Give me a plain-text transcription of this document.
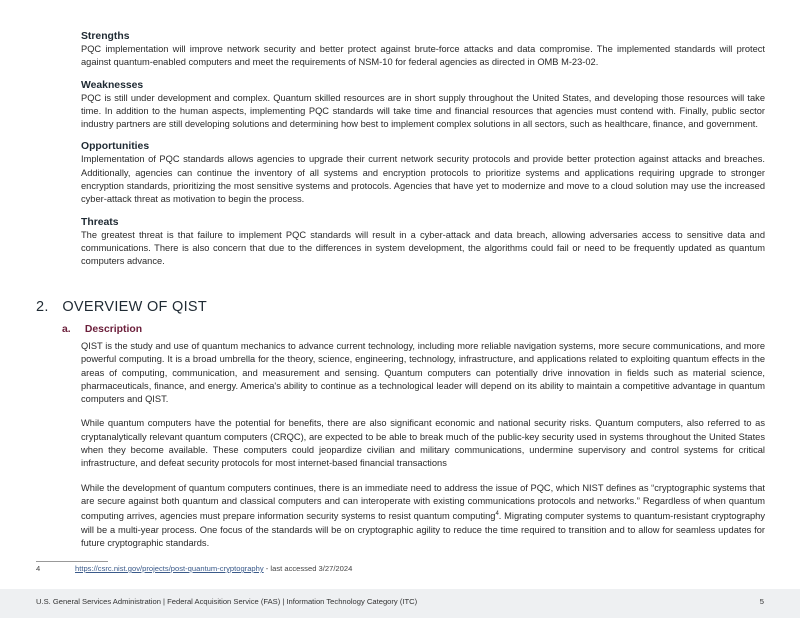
Strengths

PQC implementation will improve network security and better protect against brute-force attacks and data compromise. The implemented standards will protect against quantum-enabled computers and meet the requirements of NSM-10 for federal agencies as directed in OMB M-23-02.

Weaknesses

PQC is still under development and complex. Quantum skilled resources are in short supply throughout the United States, and developing those resources will take time. In addition to the human aspects, implementing PQC standards will take time and financial resources that agencies must contend with. Finally, public sector industry partners are still developing solutions and determining how best to implement complex solutions in all sectors, such as healthcare, finance, and government.

Opportunities

Implementation of PQC standards allows agencies to upgrade their current network security protocols and provide better protection against attacks and breaches. Additionally, agencies can continue the inventory of all systems and encryption protocols to prioritize systems and applications requiring upgrade to stronger encryption standards, prioritizing the most sensitive systems and protocols. Agencies that have yet to modernize and move to a cloud solution may use the increased cyber-attack threat as motivation to begin the process.

Threats

The greatest threat is that failure to implement PQC standards will result in a cyber-attack and data breach, allowing adversaries access to sensitive data and communications. There is also concern that due to the differences in system development, the algorithms could fail or need to be frequently updated as quantum computers advance.

2. OVERVIEW OF QIST
a. Description

QIST is the study and use of quantum mechanics to advance current technology, including more reliable navigation systems, more secure communications, and more powerful computing. It is a broad umbrella for the theory, science, engineering, technology, infrastructure, and applications related to exploiting quantum effects in the areas of computing, communication, and measurement and sensing. Quantum computers can potentially drive innovation in fields such as material science, pharmaceuticals, finance, and energy. America's ability to continue as a technological leader will depend on its ability to maintain a competitive advantage in quantum computers and QIST.

While quantum computers have the potential for benefits, there are also significant economic and national security risks. Quantum computers, also referred to as cryptanalytically relevant quantum computers (CRQC), are expected to be able to break much of the public-key security used in systems throughout the United States when they become available. These computers could jeopardize civilian and military communications, undermine supervisory and control systems for critical infrastructure, and defeat security protocols for most internet-based financial transactions

While the development of quantum computers continues, there is an immediate need to address the issue of PQC, which NIST defines as “cryptographic systems that are secure against both quantum and classical computers and can interoperate with existing communications protocols and networks.” Regardless of when quantum computing arrives, agencies must prepare information security systems to resist quantum computing$^4$. Migrating computer systems to quantum-resistant cryptography will be a multi-year process. One focus of the standards will be on cryptographic agility to reduce the time required to transition and to allow for seamless updates for future cryptographic standards.

4	https://csrc.nist.gov/projects/post-quantum-cryptography - last accessed 3/27/2024
U.S. General Services Administration | Federal Acquisition Service (FAS) | Information Technology Category (ITC)	5
